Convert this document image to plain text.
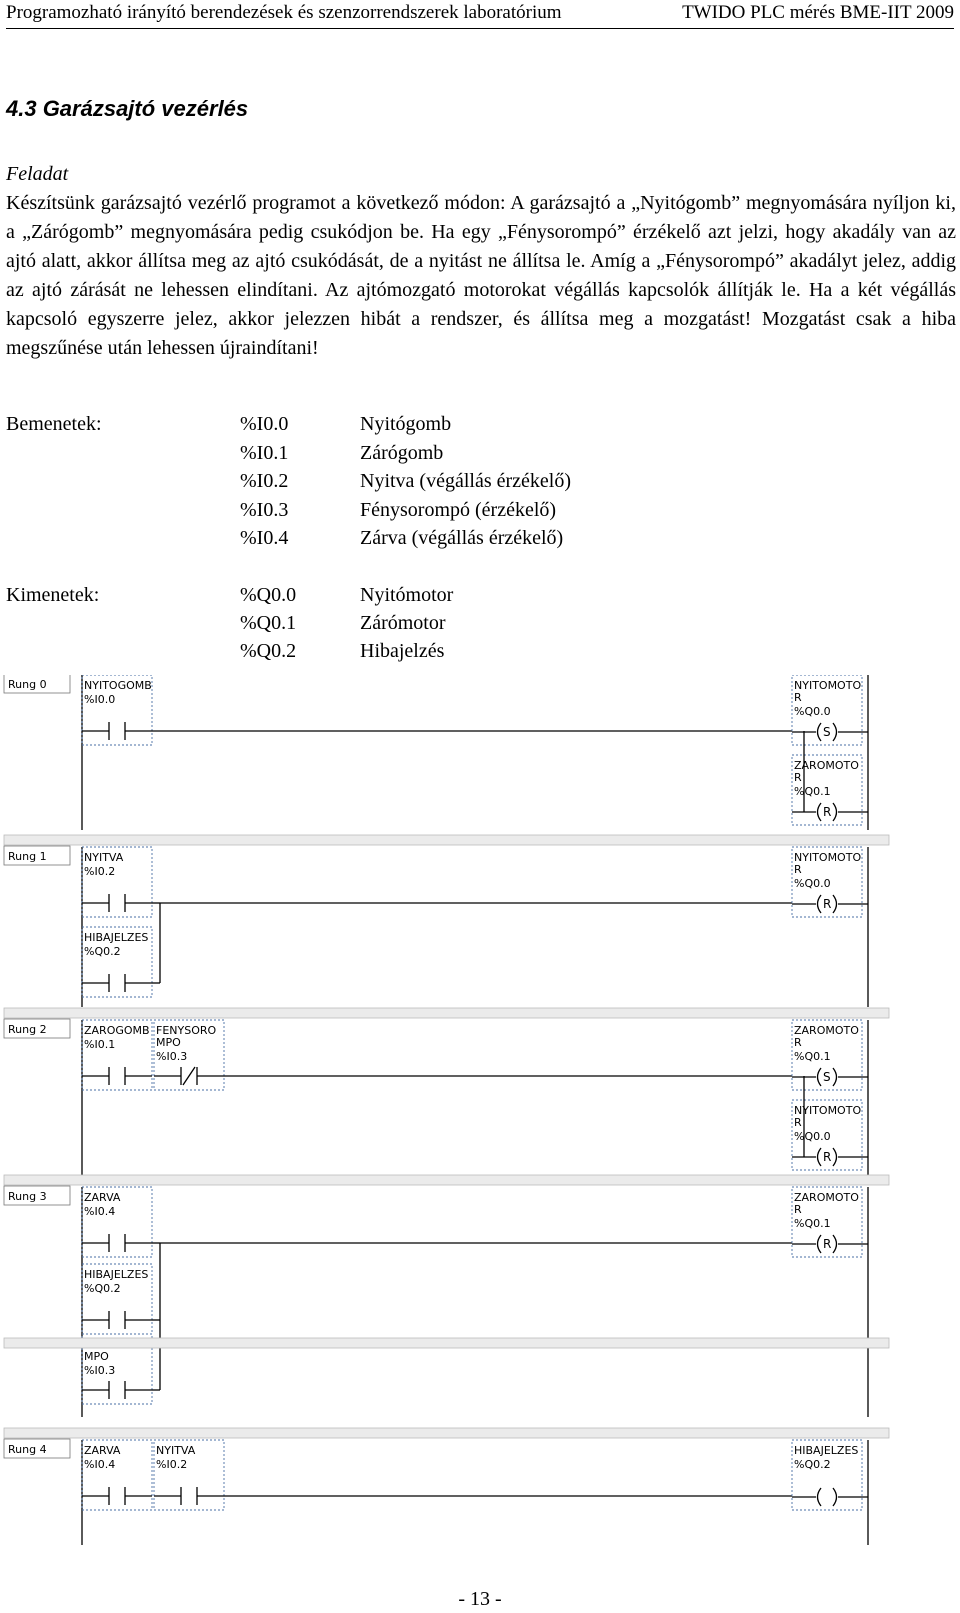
Programozható irányító berendezések és szenzorrendszerek laboratórium	TWIDO PLC mérés BME-IIT 2009
4.3 Garázsajtó vezérlés
Feladat
Készítsünk garázsajtó vezérlő programot a következő módon: A garázsajtó a „Nyitógomb” megnyomására nyíljon ki, a „Zárógomb” megnyomására pedig csukódjon be. Ha egy „Fénysorompó” érzékelő azt jelzi, hogy akadály van az ajtó alatt, akkor állítsa meg az ajtó csukódását, de a nyitást ne állítsa le. Amíg a „Fénysorompó” akadályt jelez, addig az ajtó zárását ne lehessen elindítani. Az ajtómozgató motorokat végállás kapcsolók állítják le. Ha a két végállás kapcsoló egyszerre jelez, akkor jelezzen hibát a rendszer, és állítsa meg a mozgatást! Mozgatást csak a hiba megszűnése után lehessen újraindítani!
Bemenetek:	%I0.0	Nyitógomb
%I0.1	Zárógomb
%I0.2	Nyitva (végállás érzékelő)
%I0.3	Fénysorompó (érzékelő)
%I0.4	Zárva (végállás érzékelő)
Kimenetek:	%Q0.0	Nyitómotor
%Q0.1	Zárómotor
%Q0.2	Hibajelzés
Rung 0	NYITOGOMB
%I0.0
NYITOMOTO
R
%Q0.0
S
ZAROMOTO
R
%Q0.1
R
Rung 1	NYITVA
%I0.2
HIBAJELZES
%Q0.2
NYITOMOTO
R
%Q0.0
R
Rung 2	ZAROGOMB
%I0.1
FENYSORO
MPO
%I0.3
ZAROMOTO
R
%Q0.1
S
NYITOMOTO
R
%Q0.0
R
Rung 3	ZARVA
%I0.4
HIBAJELZES
%Q0.2
MPO
%I0.3
ZAROMOTO
R
%Q0.1
R
Rung 4	ZARVA
%I0.4
NYITVA
%I0.2
HIBAJELZES
%Q0.2
- 13 -
